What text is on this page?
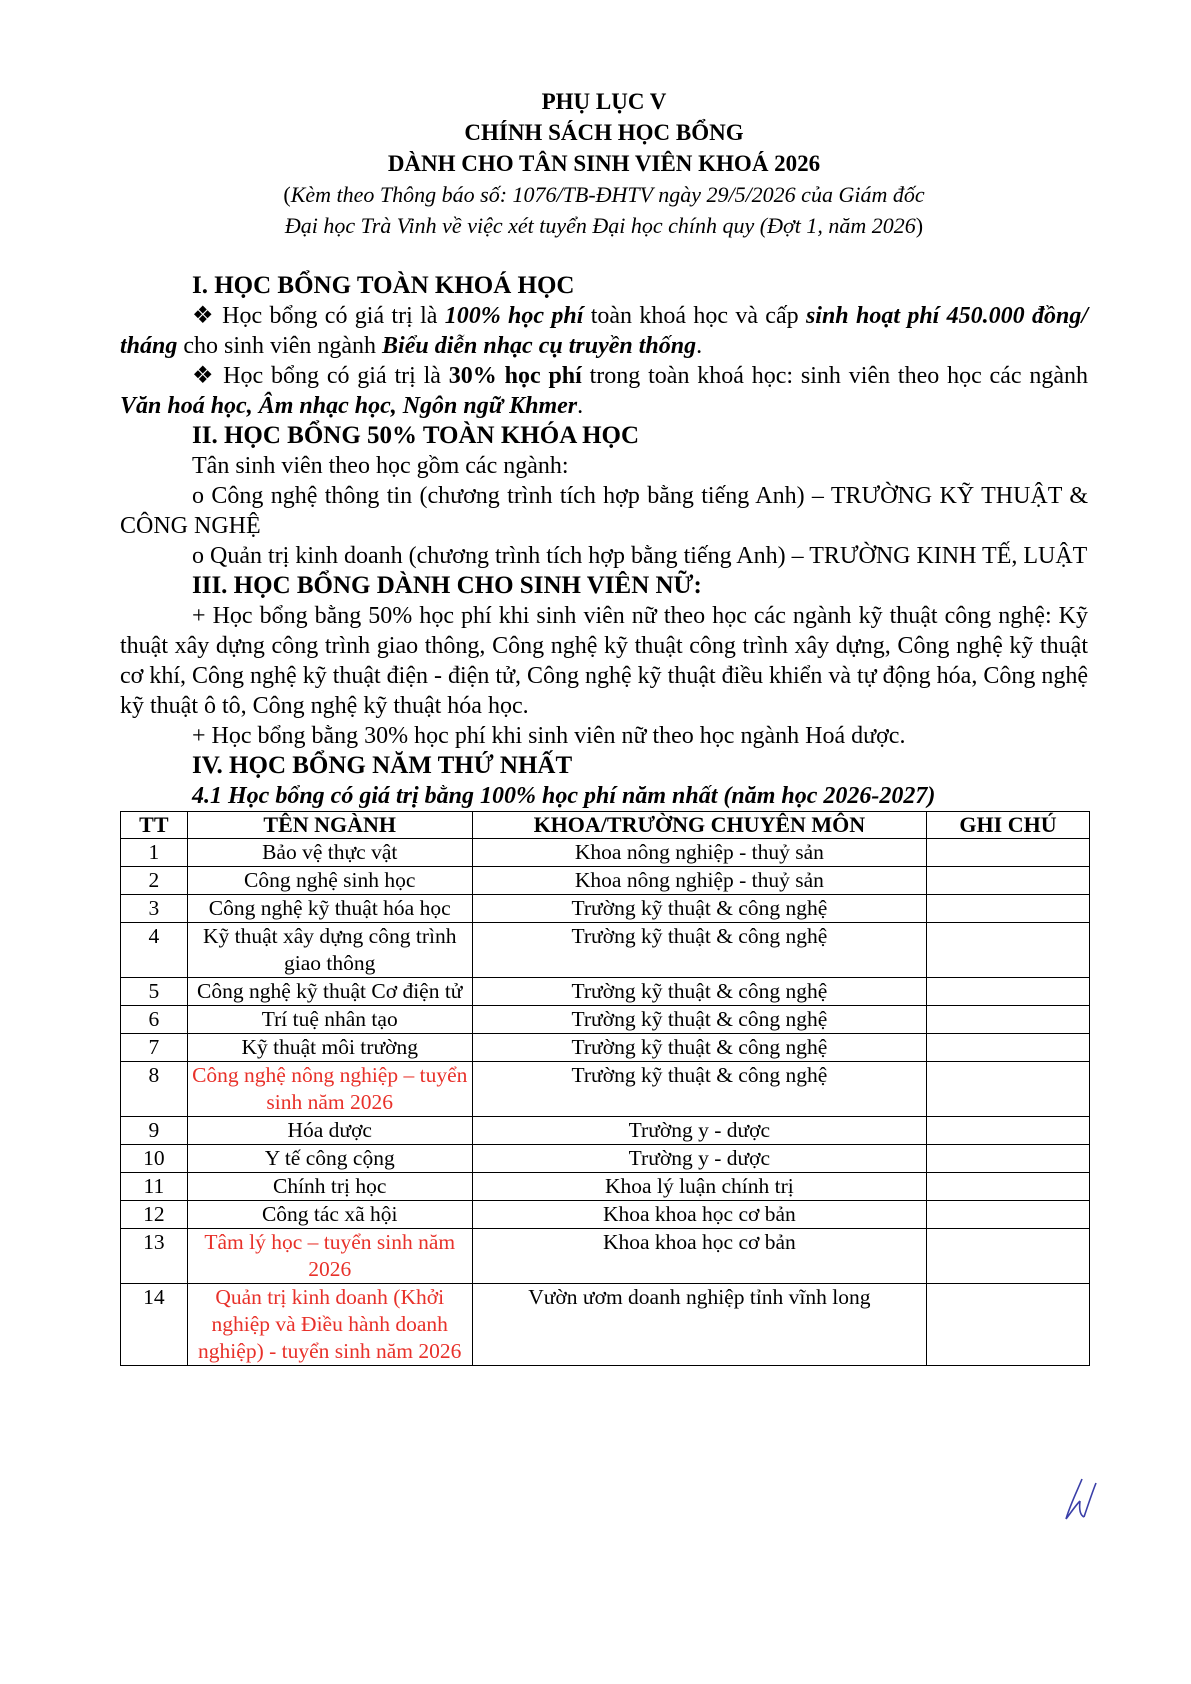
PHỤ LỤC V
CHÍNH SÁCH HỌC BỔNG
DÀNH CHO TÂN SINH VIÊN KHOÁ 2026
(Kèm theo Thông báo số: 1076/TB-ĐHTV ngày 29/5/2026 của Giám đốc
Đại học Trà Vinh về việc xét tuyển Đại học chính quy (Đợt 1, năm 2026)
I. HỌC BỔNG TOÀN KHOÁ HỌC
❖ Học bổng có giá trị là 100% học phí toàn khoá học và cấp sinh hoạt phí 450.000 đồng/ tháng cho sinh viên ngành Biểu diễn nhạc cụ truyền thống.
❖ Học bổng có giá trị là 30% học phí trong toàn khoá học: sinh viên theo học các ngành Văn hoá học, Âm nhạc học, Ngôn ngữ Khmer.
II. HỌC BỔNG 50% TOÀN KHÓA HỌC
Tân sinh viên theo học gồm các ngành:
o Công nghệ thông tin (chương trình tích hợp bằng tiếng Anh) – TRƯỜNG KỸ THUẬT & CÔNG NGHỆ
o Quản trị kinh doanh (chương trình tích hợp bằng tiếng Anh) – TRƯỜNG KINH TẾ, LUẬT
III. HỌC BỔNG DÀNH CHO SINH VIÊN NỮ:
+ Học bổng bằng 50% học phí khi sinh viên nữ theo học các ngành kỹ thuật công nghệ: Kỹ thuật xây dựng công trình giao thông, Công nghệ kỹ thuật công trình xây dựng, Công nghệ kỹ thuật cơ khí, Công nghệ kỹ thuật điện - điện tử, Công nghệ kỹ thuật điều khiển và tự động hóa, Công nghệ kỹ thuật ô tô, Công nghệ kỹ thuật hóa học.
+ Học bổng bằng 30% học phí khi sinh viên nữ theo học ngành Hoá dược.
IV. HỌC BỔNG NĂM THỨ NHẤT
4.1 Học bổng có giá trị bằng 100% học phí năm nhất (năm học 2026-2027)
TT	TÊN NGÀNH	KHOA/TRƯỜNG CHUYÊN MÔN	GHI CHÚ
1	Bảo vệ thực vật	Khoa nông nghiệp - thuỷ sản	
2	Công nghệ sinh học	Khoa nông nghiệp - thuỷ sản	
3	Công nghệ kỹ thuật hóa học	Trường kỹ thuật & công nghệ	
4	Kỹ thuật xây dựng công trình giao thông	Trường kỹ thuật & công nghệ	
5	Công nghệ kỹ thuật Cơ điện tử	Trường kỹ thuật & công nghệ	
6	Trí tuệ nhân tạo	Trường kỹ thuật & công nghệ	
7	Kỹ thuật môi trường	Trường kỹ thuật & công nghệ	
8	Công nghệ nông nghiệp – tuyển sinh năm 2026	Trường kỹ thuật & công nghệ	
9	Hóa dược	Trường y - dược	
10	Y tế công cộng	Trường y - dược	
11	Chính trị học	Khoa lý luận chính trị	
12	Công tác xã hội	Khoa khoa học cơ bản	
13	Tâm lý học – tuyển sinh năm 2026	Khoa khoa học cơ bản	
14	Quản trị kinh doanh (Khởi nghiệp và Điều hành doanh nghiệp) - tuyển sinh năm 2026	Vườn ươm doanh nghiệp tỉnh vĩnh long	
